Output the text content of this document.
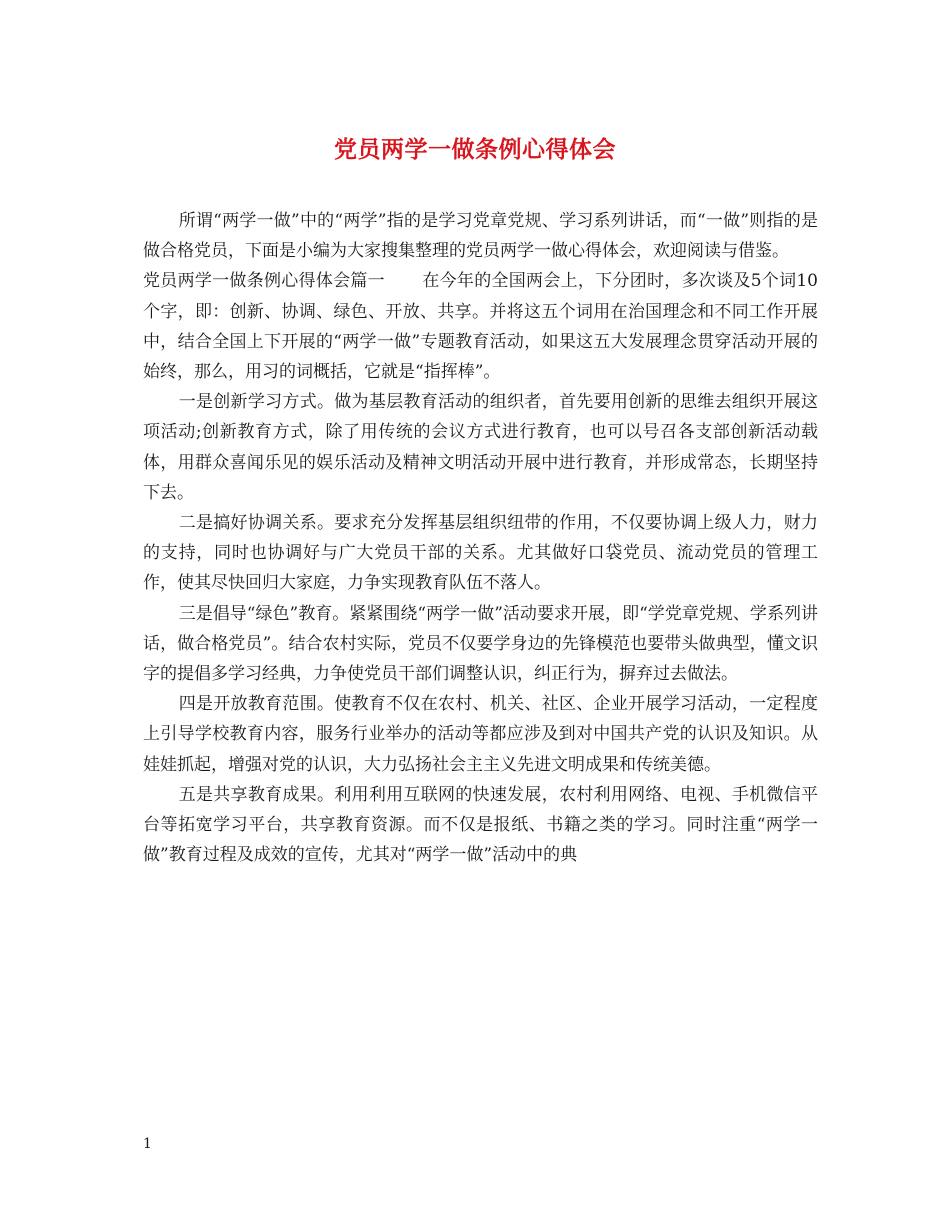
党员两学一做条例心得体会

所谓“两学一做”中的“两学”指的是学习党章党规、学习系列讲话，而“一做”则指的是做合格党员，下面是小编为大家搜集整理的党员两学一做心得体会，欢迎阅读与借鉴。

党员两学一做条例心得体会篇一 在今年的全国两会上，下分团时，多次谈及5个词10个字，即：创新、协调、绿色、开放、共享。并将这五个词用在治国理念和不同工作开展中，结合全国上下开展的“两学一做”专题教育活动，如果这五大发展理念贯穿活动开展的始终，那么，用习的词概括，它就是“指挥棒”。

一是创新学习方式。做为基层教育活动的组织者，首先要用创新的思维去组织开展这项活动;创新教育方式，除了用传统的会议方式进行教育，也可以号召各支部创新活动载体，用群众喜闻乐见的娱乐活动及精神文明活动开展中进行教育，并形成常态，长期坚持下去。

二是搞好协调关系。要求充分发挥基层组织纽带的作用，不仅要协调上级人力，财力的支持，同时也协调好与广大党员干部的关系。尤其做好口袋党员、流动党员的管理工作，使其尽快回归大家庭，力争实现教育队伍不落人。

三是倡导“绿色”教育。紧紧围绕“两学一做”活动要求开展，即“学党章党规、学系列讲话，做合格党员”。结合农村实际，党员不仅要学身边的先锋模范也要带头做典型，懂文识字的提倡多学习经典，力争使党员干部们调整认识，纠正行为，摒弃过去做法。

四是开放教育范围。使教育不仅在农村、机关、社区、企业开展学习活动，一定程度上引导学校教育内容，服务行业举办的活动等都应涉及到对中国共产党的认识及知识。从娃娃抓起，增强对党的认识，大力弘扬社会主主义先进文明成果和传统美德。

五是共享教育成果。利用利用互联网的快速发展，农村利用网络、电视、手机微信平台等拓宽学习平台，共享教育资源。而不仅是报纸、书籍之类的学习。同时注重“两学一做”教育过程及成效的宣传，尤其对“两学一做”活动中的典

1
